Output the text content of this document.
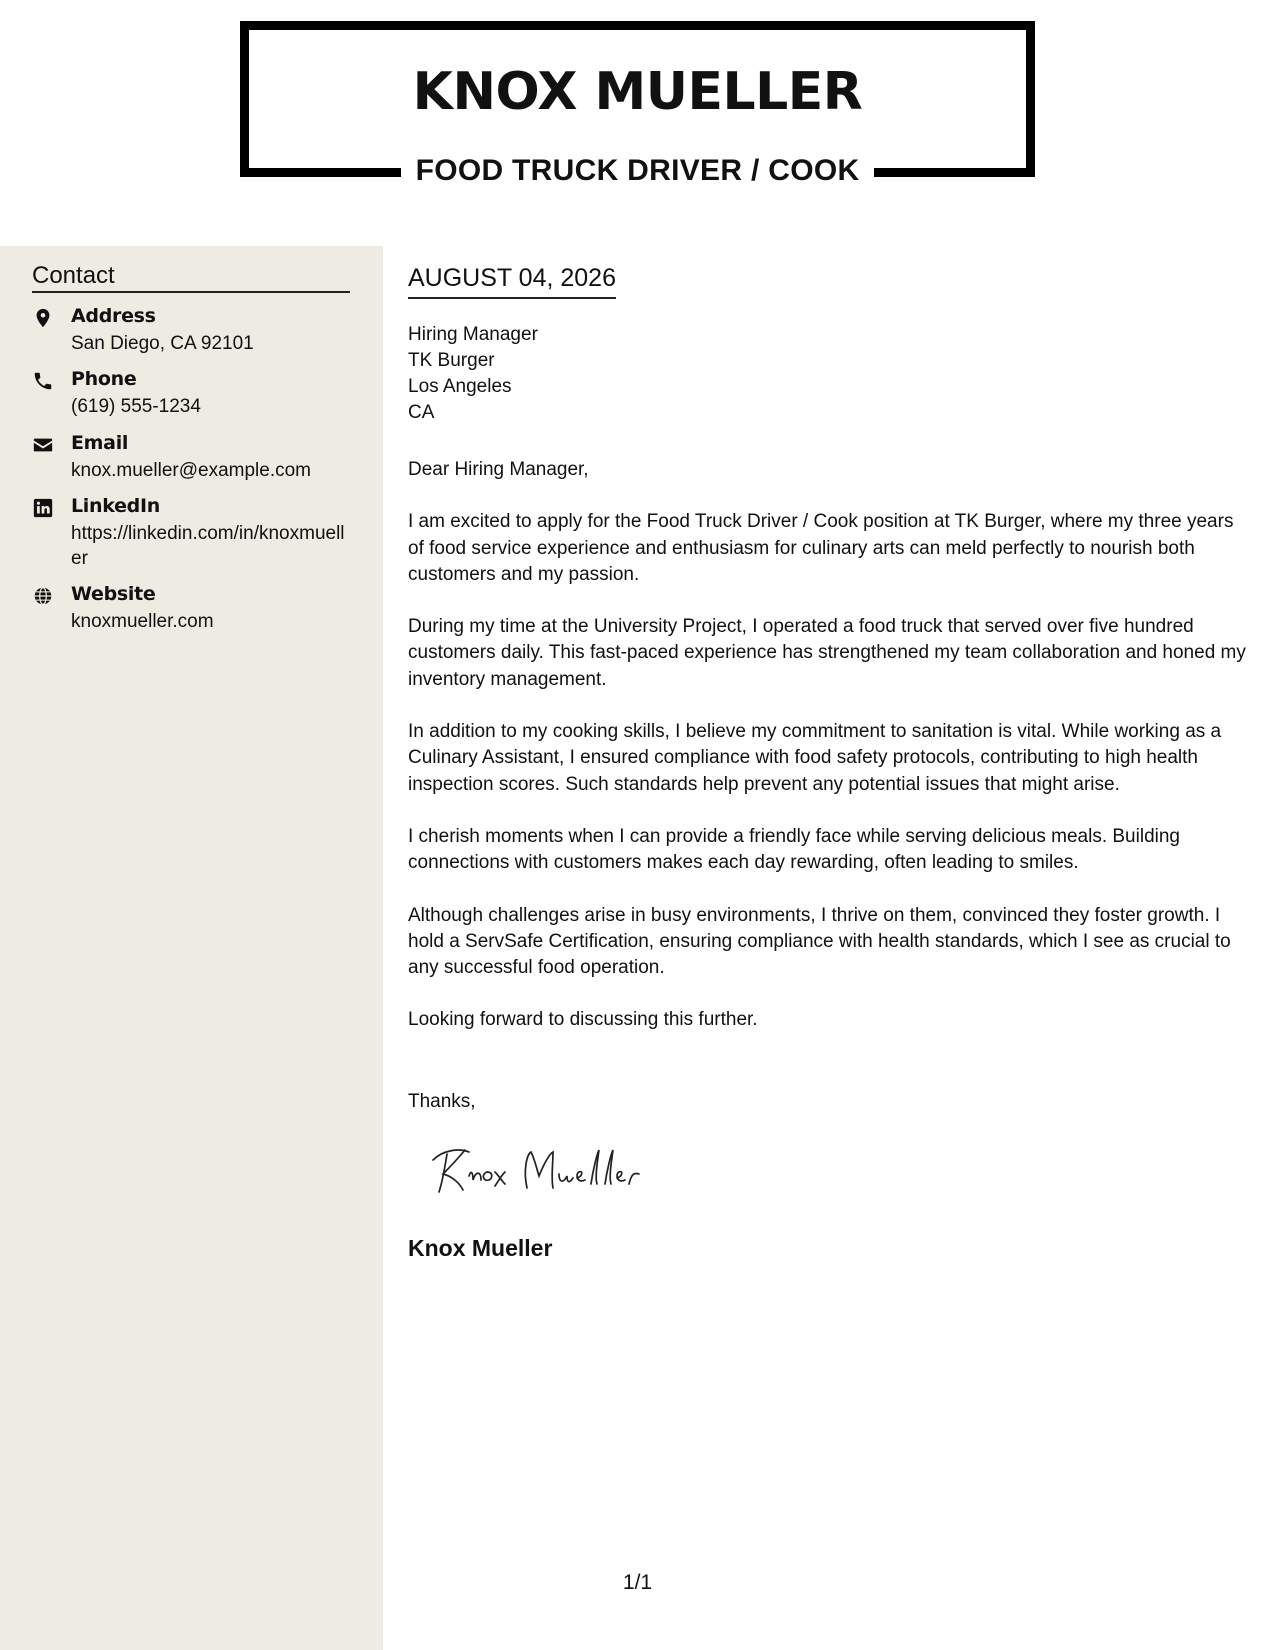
KNOX MUELLER
FOOD TRUCK DRIVER / COOK
Contact
Address
San Diego, CA 92101
Phone
(619) 555-1234
Email
knox.mueller@example.com
LinkedIn
https://linkedin.com/in/knoxmueller
Website
knoxmueller.com
AUGUST 04, 2026
Hiring Manager
TK Burger
Los Angeles
CA

Dear Hiring Manager,

I am excited to apply for the Food Truck Driver / Cook position at TK Burger, where my three years of food service experience and enthusiasm for culinary arts can meld perfectly to nourish both customers and my passion.

During my time at the University Project, I operated a food truck that served over five hundred customers daily. This fast-paced experience has strengthened my team collaboration and honed my inventory management.

In addition to my cooking skills, I believe my commitment to sanitation is vital. While working as a Culinary Assistant, I ensured compliance with food safety protocols, contributing to high health inspection scores. Such standards help prevent any potential issues that might arise.

I cherish moments when I can provide a friendly face while serving delicious meals. Building connections with customers makes each day rewarding, often leading to smiles.

Although challenges arise in busy environments, I thrive on them, convinced they foster growth. I hold a ServSafe Certification, ensuring compliance with health standards, which I see as crucial to any successful food operation.

Looking forward to discussing this further.

Thanks,
Knox Mueller
1/1
